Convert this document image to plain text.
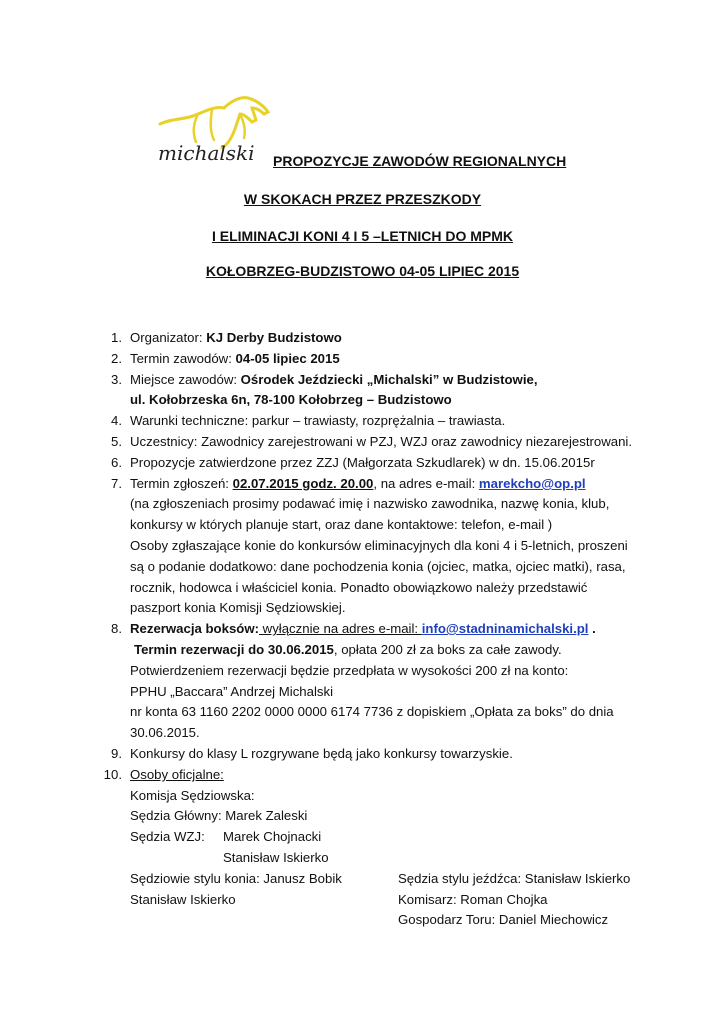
michalski PROPOZYCJE ZAWODÓW REGIONALNYCH
W SKOKACH PRZEZ PRZESZKODY
I ELIMINACJI KONI 4 I 5 –LETNICH DO MPMK
KOŁOBRZEG-BUDZISTOWO 04-05 LIPIEC 2015
1. Organizator: KJ Derby Budzistowo
2. Termin zawodów: 04-05 lipiec 2015
3. Miejsce zawodów: Ośrodek Jeździecki „Michalski” w Budzistowie,
ul. Kołobrzeska 6n, 78-100 Kołobrzeg – Budzistowo
4. Warunki techniczne: parkur – trawiasty, rozprężalnia – trawiasta.
5. Uczestnicy: Zawodnicy zarejestrowani w PZJ, WZJ oraz zawodnicy niezarejestrowani.
6. Propozycje zatwierdzone przez ZZJ (Małgorzata Szkudlarek) w dn. 15.06.2015r
7. Termin zgłoszeń: 02.07.2015 godz. 20.00, na adres e-mail: marekcho@op.pl
(na zgłoszeniach prosimy podawać imię i nazwisko zawodnika, nazwę konia, klub,
konkursy w których planuje start, oraz dane kontaktowe: telefon, e-mail )
Osoby zgłaszające konie do konkursów eliminacyjnych dla koni 4 i 5-letnich, proszeni
są o podanie dodatkowo: dane pochodzenia konia (ojciec, matka, ojciec matki), rasa,
rocznik, hodowca i właściciel konia. Ponadto obowiązkowo należy przedstawić
paszport konia Komisji Sędziowskiej.
8. Rezerwacja boksów: wyłącznie na adres e-mail: info@stadninamichalski.pl .
Termin rezerwacji do 30.06.2015, opłata 200 zł za boks za całe zawody.
Potwierdzeniem rezerwacji będzie przedpłata w wysokości 200 zł na konto:
PPHU „Baccara” Andrzej Michalski
nr konta 63 1160 2202 0000 0000 6174 7736 z dopiskiem „Opłata za boks” do dnia
30.06.2015.
9. Konkursy do klasy L rozgrywane będą jako konkursy towarzyskie.
10. Osoby oficjalne:
Komisja Sędziowska:
Sędzia Główny: Marek Zaleski
Sędzia WZJ: Marek Chojnacki
Stanisław Iskierko
Sędziowie stylu konia: Janusz Bobik	Sędzia stylu jeźdźca: Stanisław Iskierko
Stanisław Iskierko	Komisarz: Roman Chojka
Gospodarz Toru: Daniel Miechowicz
